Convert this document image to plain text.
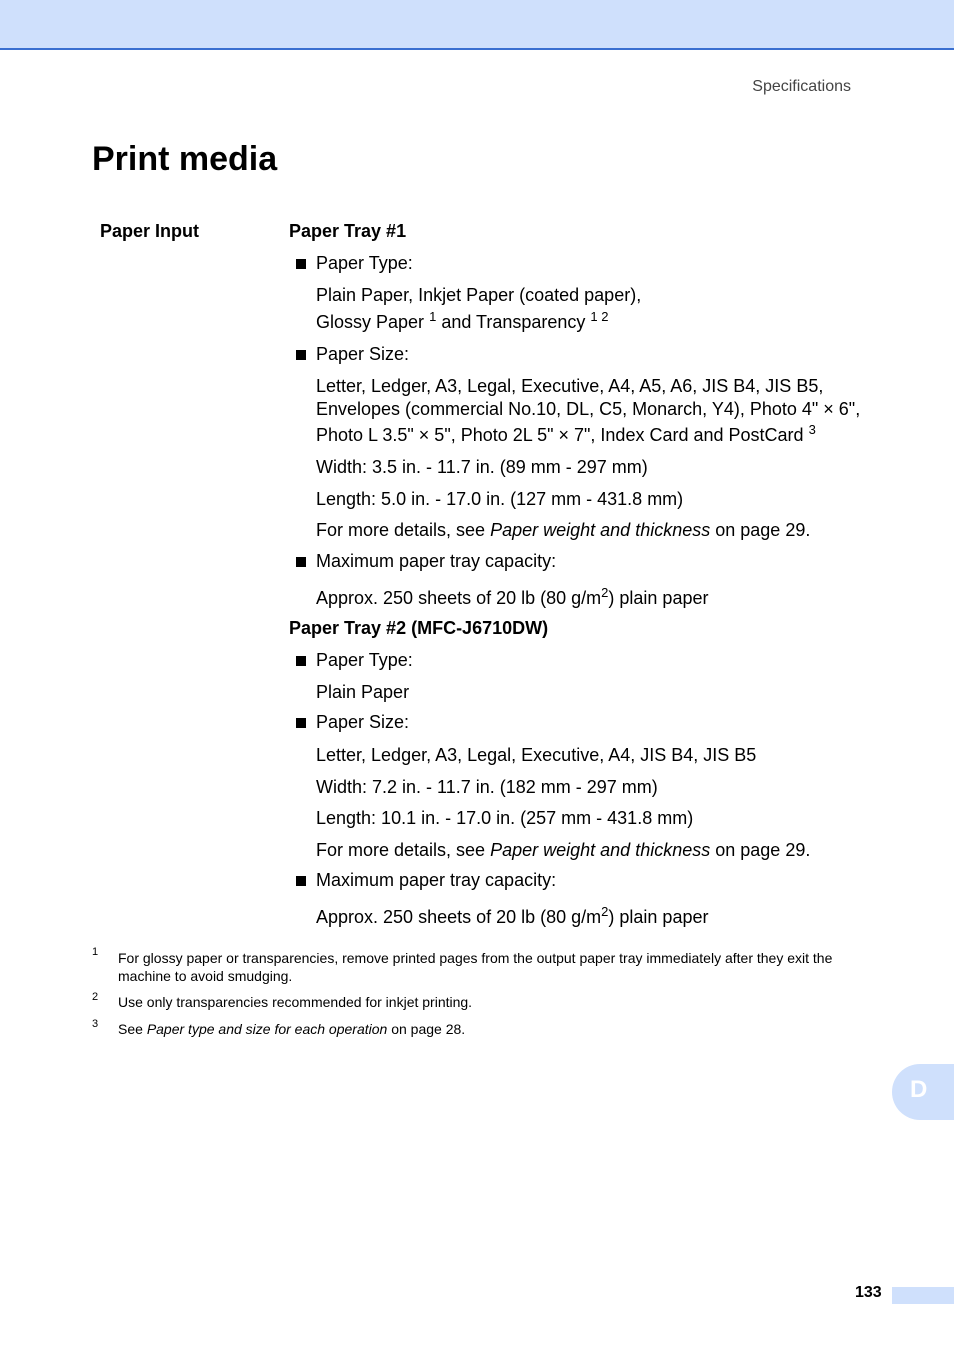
Specifications
Print media
Paper Input	Paper Tray #1
Paper Type:
Plain Paper, Inkjet Paper (coated paper),
Glossy Paper $^1$ and Transparency $^{1 2}$
Paper Size:
Letter, Ledger, A3, Legal, Executive, A4, A5, A6, JIS B4, JIS B5,
Envelopes (commercial No.10, DL, C5, Monarch, Y4), Photo 4" × 6",
Photo L 3.5" × 5", Photo 2L 5" × 7", Index Card and PostCard $^3$
Width: 3.5 in. - 11.7 in. (89 mm - 297 mm)
Length: 5.0 in. - 17.0 in. (127 mm - 431.8 mm)
For more details, see Paper weight and thickness on page 29.
Maximum paper tray capacity:
Approx. 250 sheets of 20 lb (80 $g/m^2$) plain paper
Paper Tray #2 (MFC-J6710DW)
Paper Type:
Plain Paper
Paper Size:
Letter, Ledger, A3, Legal, Executive, A4, JIS B4, JIS B5
Width: 7.2 in. - 11.7 in. (182 mm - 297 mm)
Length: 10.1 in. - 17.0 in. (257 mm - 431.8 mm)
For more details, see Paper weight and thickness on page 29.
Maximum paper tray capacity:
Approx. 250 sheets of 20 lb (80 $g/m^2$) plain paper
1 For glossy paper or transparencies, remove printed pages from the output paper tray immediately after they exit the machine to avoid smudging.
2 Use only transparencies recommended for inkjet printing.
3 See Paper type and size for each operation on page 28.
D
133
